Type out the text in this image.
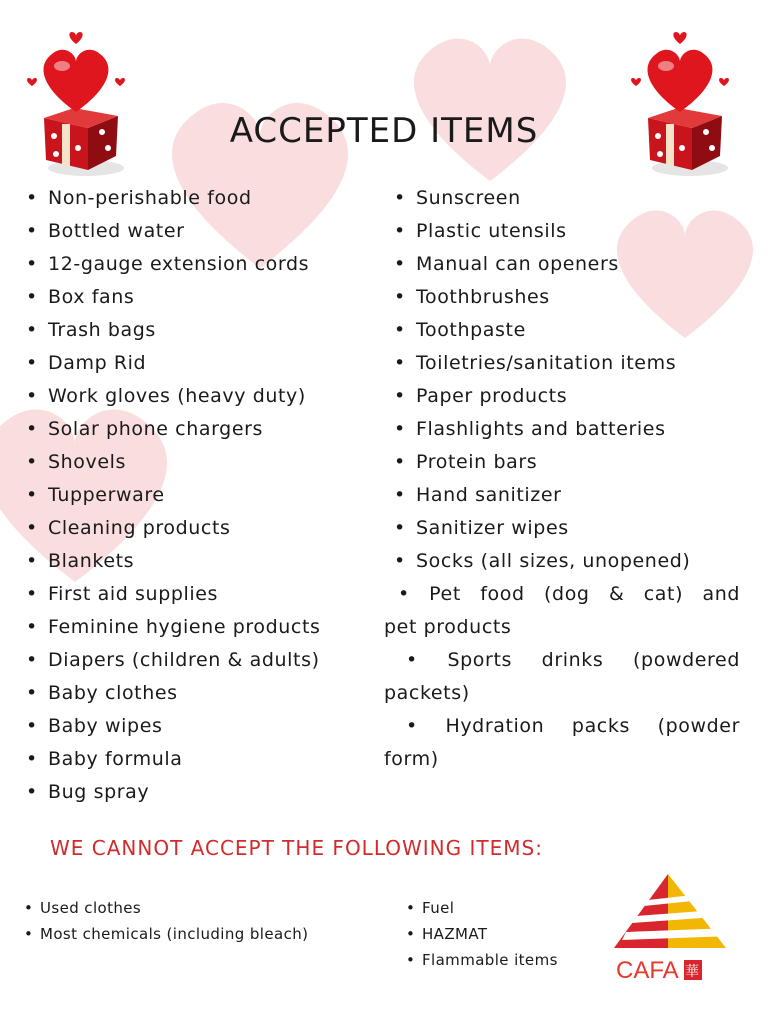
ACCEPTED ITEMS
• Non-perishable food
• Bottled water
• 12-gauge extension cords
• Box fans
• Trash bags
• Damp Rid
• Work gloves (heavy duty)
• Solar phone chargers
• Shovels
• Tupperware
• Cleaning products
• Blankets
• First aid supplies
• Feminine hygiene products
• Diapers (children & adults)
• Baby clothes
• Baby wipes
• Baby formula
• Bug spray
• Sunscreen
• Plastic utensils
• Manual can openers
• Toothbrushes
• Toothpaste
• Toiletries/sanitation items
• Paper products
• Flashlights and batteries
• Protein bars
• Hand sanitizer
• Sanitizer wipes
• Socks (all sizes, unopened)
• Pet food (dog & cat) and
pet products
• Sports drinks (powdered
packets)
• Hydration packs (powder
form)
WE CANNOT ACCEPT THE FOLLOWING ITEMS:
• Used clothes
• Most chemicals (including bleach)
• Fuel
• HAZMAT
• Flammable items CAFA 華
